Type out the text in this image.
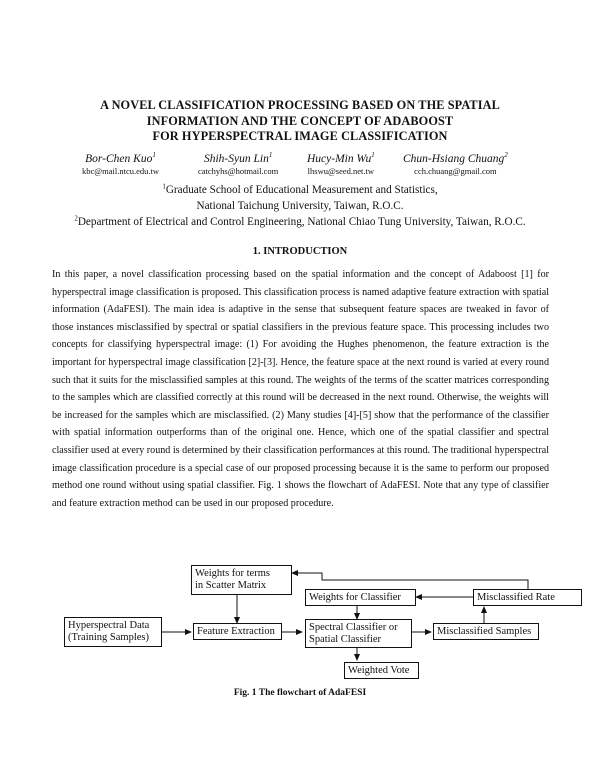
A NOVEL CLASSIFICATION PROCESSING BASED ON THE SPATIAL
INFORMATION AND THE CONCEPT OF ADABOOST
FOR HYPERSPECTRAL IMAGE CLASSIFICATION
Bor-Chen Kuo$^1$
kbc@mail.ntcu.edu.tw
Shih-Syun Lin$^1$
catchyhs@hotmail.com
Hucy-Min Wu$^1$
lhswu@seed.net.tw
Chun-Hsiang Chuang$^2$
cch.chuang@gmail.com
$^1$Graduate School of Educational Measurement and Statistics,
National Taichung University, Taiwan, R.O.C.
$^2$Department of Electrical and Control Engineering, National Chiao Tung University, Taiwan, R.O.C.
1. INTRODUCTION
In this paper, a novel classification processing based on the spatial information and the concept of Adaboost [1] for hyperspectral image classification is proposed. This classification process is named adaptive feature extraction with spatial information (AdaFESI). The main idea is adaptive in the sense that subsequent feature spaces are tweaked in favor of those instances misclassified by spectral or spatial classifiers in the previous feature space. This processing includes two concepts for classifying hyperspectral image: (1) For avoiding the Hughes phenomenon, the feature extraction is the important for hyperspectral image classification [2]-[3]. Hence, the feature space at the next round is varied at every round such that it suits for the misclassified samples at this round. The weights of the terms of the scatter matrices corresponding to the samples which are classified correctly at this round will be decreased in the next round. Otherwise, the weights will be increased for the samples which are misclassified. (2) Many studies [4]-[5] show that the performance of the classifier with spatial information outperforms than of the original one. Hence, which one of the spatial classifier and spectral classifier used at every round is determined by their classification performances at this round. The traditional hyperspectral image classification procedure is a special case of our proposed processing because it is the same to perform our proposed method one round without using spatial classifier. Fig. 1 shows the flowchart of AdaFESI. Note that any type of classifier and feature extraction method can be used in our proposed procedure.
Weights for terms
in Scatter Matrix
Weights for Classifier	Misclassified Rate
Hyperspectral Data
(Training Samples)
Feature Extraction	Spectral Classifier or
Spatial Classifier
Misclassified Samples
Weighted Vote
Fig. 1 The flowchart of AdaFESI
